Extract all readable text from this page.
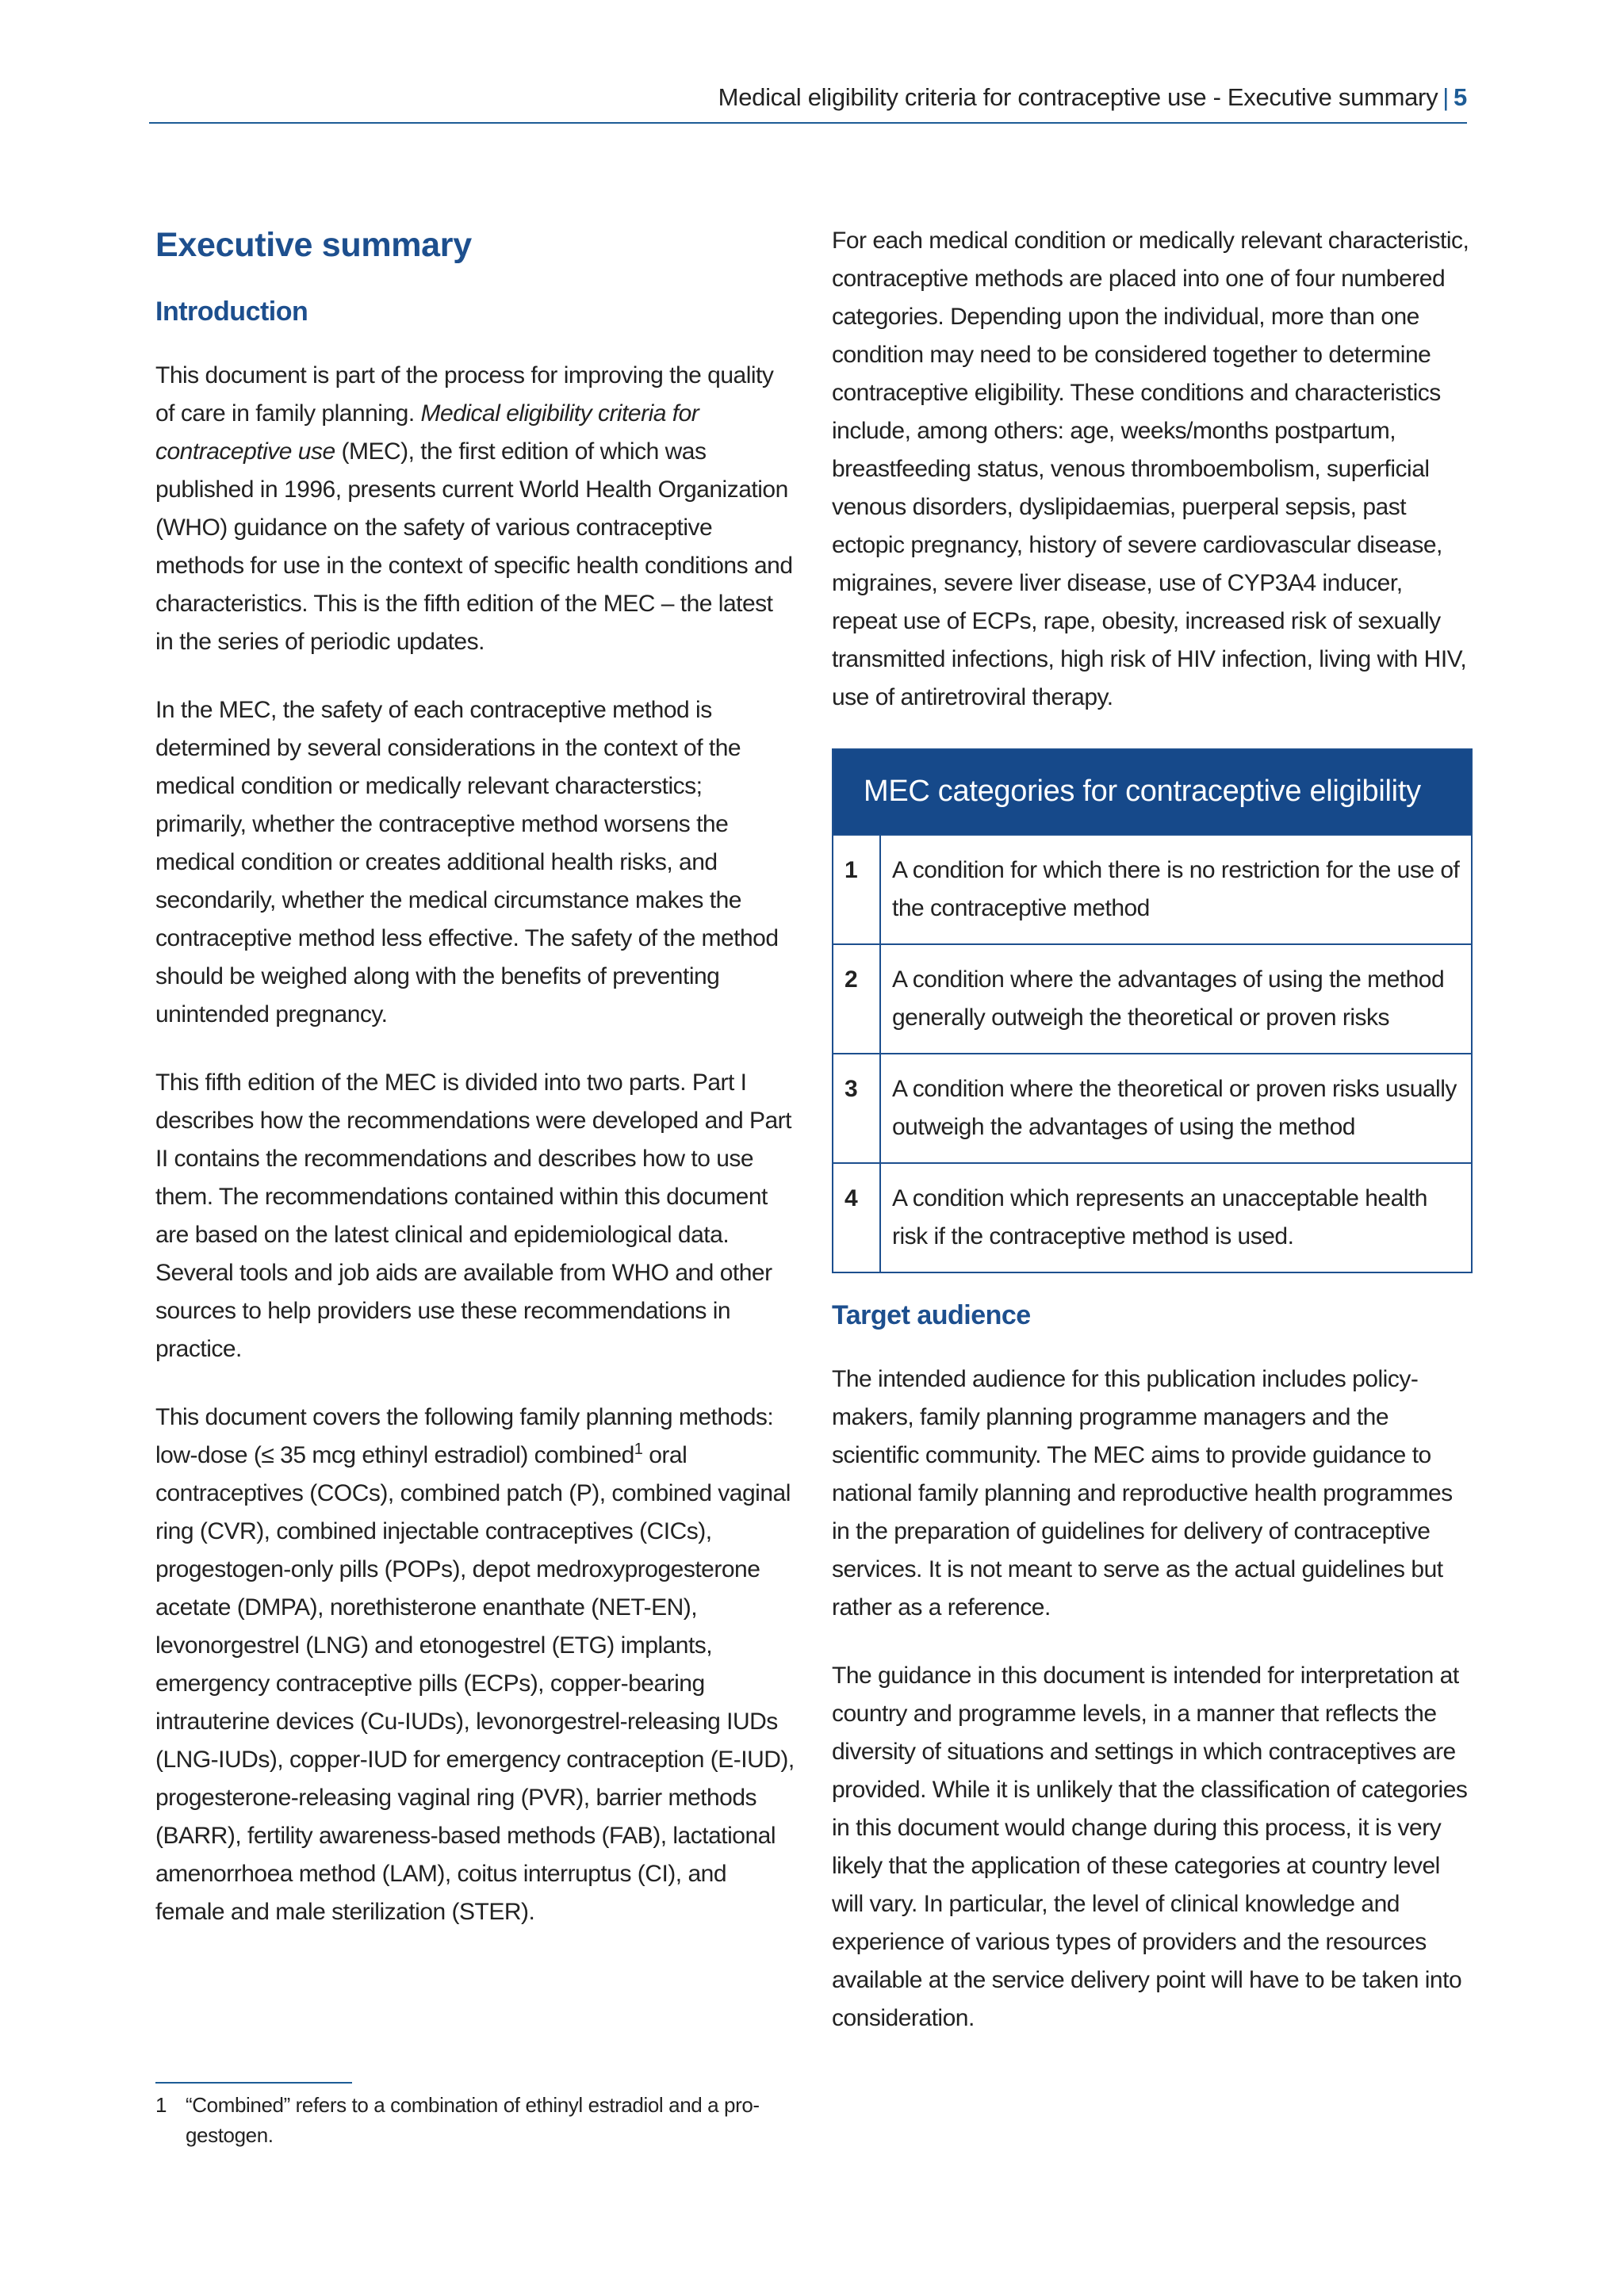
Medical eligibility criteria for contraceptive use - Executive summary | 5
Executive summary
Introduction

This document is part of the process for improving the quality of care in family planning. Medical eligibility criteria for contraceptive use (MEC), the first edition of which was published in 1996, presents current World Health Organization (WHO) guidance on the safety of various contraceptive methods for use in the context of specific health conditions and characteristics. This is the fifth edition of the MEC – the latest in the series of periodic updates.

In the MEC, the safety of each contraceptive method is determined by several considerations in the context of the medical condition or medically relevant characterstics; primarily, whether the contraceptive method worsens the medical condition or creates additional health risks, and secondarily, whether the medical circumstance makes the contraceptive method less effective. The safety of the method should be weighed along with the benefits of preventing unintended pregnancy.

This fifth edition of the MEC is divided into two parts. Part I describes how the recommendations were developed and Part II contains the recommendations and describes how to use them. The recommendations contained within this document are based on the latest clinical and epidemiological data. Several tools and job aids are available from WHO and other sources to help providers use these recommendations in practice.

This document covers the following family planning methods: low-dose (≤ 35 mcg ethinyl estradiol) combined$^1$ oral contraceptives (COCs), combined patch (P), combined vaginal ring (CVR), combined injectable contraceptives (CICs), progestogen-only pills (POPs), depot medroxyprogesterone acetate (DMPA), norethisterone enanthate (NET-EN), levonorgestrel (LNG) and etonogestrel (ETG) implants, emergency contraceptive pills (ECPs), copper-bearing intrauterine devices (Cu-IUDs), levonorgestrel-releasing IUDs (LNG-IUDs), copper-IUD for emergency contraception (E-IUD), progesterone-releasing vaginal ring (PVR), barrier methods (BARR), fertility awareness-based methods (FAB), lactational amenorrhoea method (LAM), coitus interruptus (CI), and female and male sterilization (STER).

For each medical condition or medically relevant characteristic, contraceptive methods are placed into one of four numbered categories. Depending upon the individual, more than one condition may need to be considered together to determine contraceptive eligibility. These conditions and characteristics include, among others: age, weeks/months postpartum, breastfeeding status, venous thromboembolism, superficial venous disorders, dyslipidaemias, puerperal sepsis, past ectopic pregnancy, history of severe cardiovascular disease, migraines, severe liver disease, use of CYP3A4 inducer, repeat use of ECPs, rape, obesity, increased risk of sexually transmitted infections, high risk of HIV infection, living with HIV, use of antiretroviral therapy.

MEC categories for contraceptive eligibility
1	A condition for which there is no restriction for the use of the contraceptive method
2	A condition where the advantages of using the method generally outweigh the theoretical or proven risks
3	A condition where the theoretical or proven risks usually outweigh the advantages of using the method
4	A condition which represents an unacceptable health risk if the contraceptive method is used.
Target audience

The intended audience for this publication includes policy-makers, family planning programme managers and the scientific community. The MEC aims to provide guidance to national family planning and reproductive health programmes in the preparation of guidelines for delivery of contraceptive services. It is not meant to serve as the actual guidelines but rather as a reference.

The guidance in this document is intended for interpretation at country and programme levels, in a manner that reflects the diversity of situations and settings in which contraceptives are provided. While it is unlikely that the classification of categories in this document would change during this process, it is very likely that the application of these categories at country level will vary. In particular, the level of clinical knowledge and experience of various types of providers and the resources available at the service delivery point will have to be taken into consideration.

1 “Combined” refers to a combination of ethinyl estradiol and a pro-gestogen.
